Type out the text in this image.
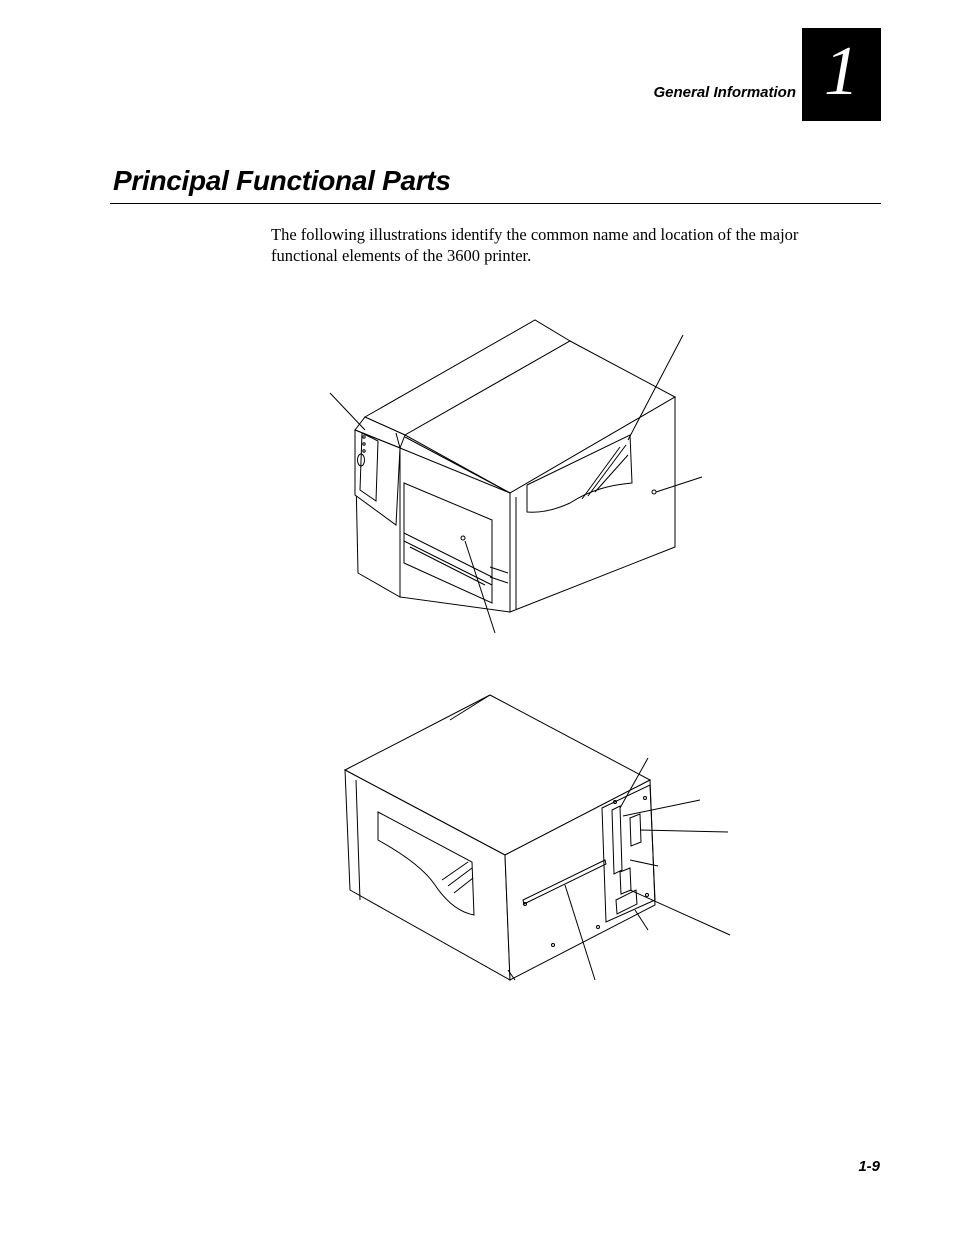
General Information 1
Principal Functional Parts

The following illustrations identify the common name and location of the major functional elements of the 3600 printer.

1-9
